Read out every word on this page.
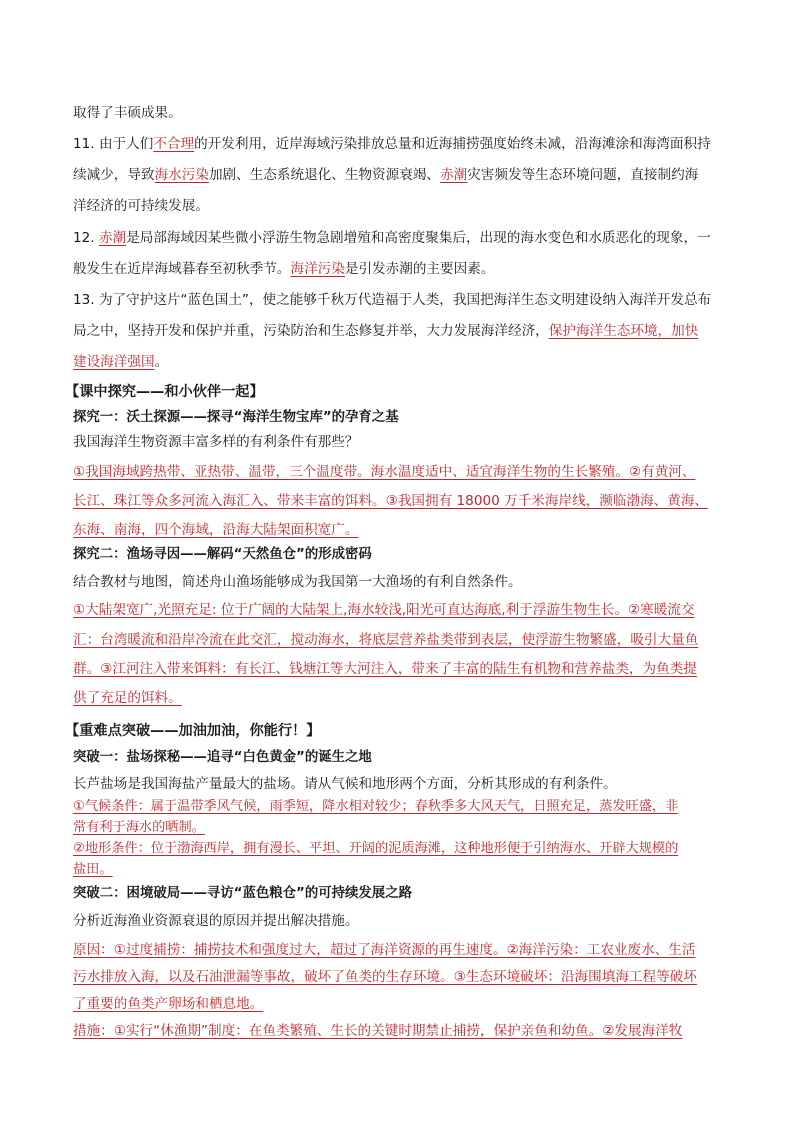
取得了丰硕成果。
11. 由于人们不合理的开发利用，近岸海域污染排放总量和近海捕捞强度始终未减，沿海滩涂和海湾面积持
续减少，导致海水污染加剧、生态系统退化、生物资源衰竭、赤潮灾害频发等生态环境问题，直接制约海
洋经济的可持续发展。
12. 赤潮是局部海域因某些微小浮游生物急剧增殖和高密度聚集后，出现的海水变色和水质恶化的现象，一
般发生在近岸海域暮春至初秋季节。海洋污染是引发赤潮的主要因素。
13. 为了守护这片“蓝色国土”，使之能够千秋万代造福于人类，我国把海洋生态文明建设纳入海洋开发总布
局之中，坚持开发和保护并重，污染防治和生态修复并举，大力发展海洋经济，保护海洋生态环境，加快
建设海洋强国。
【课中探究——和小伙伴一起】
探究一：沃土探源——探寻“海洋生物宝库”的孕育之基
我国海洋生物资源丰富多样的有利条件有那些？
①我国海域跨热带、亚热带、温带，三个温度带。海水温度适中、适宜海洋生物的生长繁殖。②有黄河、
长江、珠江等众多河流入海汇入、带来丰富的饵料。③我国拥有 18000 万千米海岸线，濒临渤海、黄海、
东海、南海，四个海域，沿海大陆架面积宽广。
探究二：渔场寻因——解码“天然鱼仓”的形成密码
结合教材与地图，简述舟山渔场能够成为我国第一大渔场的有利自然条件。
①大陆架宽广,光照充足: 位于广阔的大陆架上,海水较浅,阳光可直达海底,利于浮游生物生长。②寒暖流交
汇：台湾暖流和沿岸冷流在此交汇，搅动海水，将底层营养盐类带到表层，使浮游生物繁盛，吸引大量鱼
群。③江河注入带来饵料：有长江、钱塘江等大河注入，带来了丰富的陆生有机物和营养盐类，为鱼类提
供了充足的饵料。
【重难点突破——加油加油，你能行！】
突破一：盐场探秘——追寻“白色黄金”的诞生之地
长芦盐场是我国海盐产量最大的盐场。请从气候和地形两个方面，分析其形成的有利条件。
①气候条件：属于温带季风气候，雨季短，降水相对较少；春秋季多大风天气，日照充足，蒸发旺盛，非
常有利于海水的晒制。
②地形条件：位于渤海西岸，拥有漫长、平坦、开阔的泥质海滩，这种地形便于引纳海水、开辟大规模的
盐田。
突破二：困境破局——寻访“蓝色粮仓”的可持续发展之路
分析近海渔业资源衰退的原因并提出解决措施。
原因：①过度捕捞：捕捞技术和强度过大，超过了海洋资源的再生速度。②海洋污染：工农业废水、生活
污水排放入海，以及石油泄漏等事故，破坏了鱼类的生存环境。③生态环境破坏：沿海围填海工程等破坏
了重要的鱼类产卵场和栖息地。
措施：①实行“休渔期”制度：在鱼类繁殖、生长的关键时期禁止捕捞，保护亲鱼和幼鱼。②发展海洋牧
